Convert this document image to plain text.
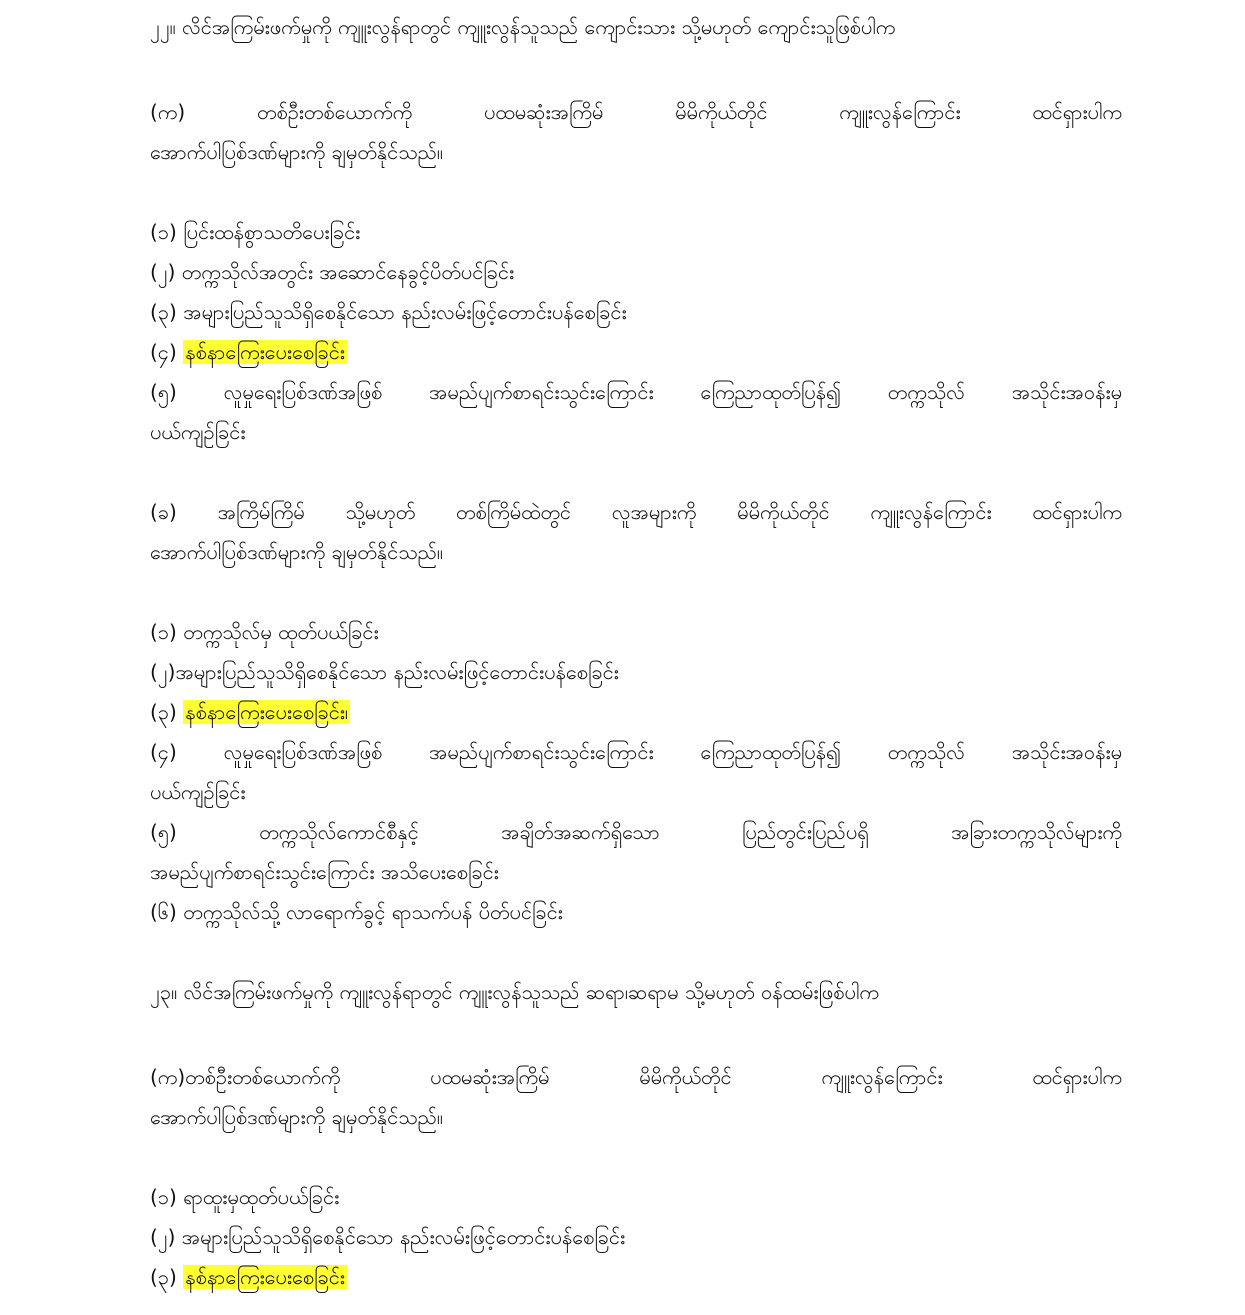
၂၂။ လိင်အကြမ်းဖက်မှုကို ကျူးလွန်ရာတွင် ကျူးလွန်သူသည် ကျောင်းသား သို့မဟုတ် ကျောင်းသူဖြစ်ပါက
(က)	တစ်ဦးတစ်ယောက်ကို	ပထမဆုံးအကြိမ်	မိမိကိုယ်တိုင်	ကျူးလွန်ကြောင်း	ထင်ရှားပါက
အောက်ပါပြစ်ဒဏ်များကို ချမှတ်နိုင်သည်။
(၁) ပြင်းထန်စွာသတိပေးခြင်း
(၂) တက္ကသိုလ်အတွင်း အဆောင်နေခွင့်ပိတ်ပင်ခြင်း
(၃) အများပြည်သူသိရှိစေနိုင်သော နည်းလမ်းဖြင့်တောင်းပန်စေခြင်း
(၄) နစ်နာကြေးပေးစေခြင်း
(၅) လူမှုရေးပြစ်ဒဏ်အဖြစ် အမည်ပျက်စာရင်းသွင်းကြောင်း ကြေညာထုတ်ပြန်၍ တက္ကသိုလ် အသိုင်းအဝန်းမှ
ပယ်ကျဉ်ခြင်း
(ခ) အကြိမ်ကြိမ် သို့မဟုတ် တစ်ကြိမ်ထဲတွင် လူအများကို မိမိကိုယ်တိုင် ကျူးလွန်ကြောင်း ထင်ရှားပါက
အောက်ပါပြစ်ဒဏ်များကို ချမှတ်နိုင်သည်။
(၁) တက္ကသိုလ်မှ ထုတ်ပယ်ခြင်း
(၂)အများပြည်သူသိရှိစေနိုင်သော နည်းလမ်းဖြင့်တောင်းပန်စေခြင်း
(၃) နစ်နာကြေးပေးစေခြင်း၊
(၄) လူမှုရေးပြစ်ဒဏ်အဖြစ် အမည်ပျက်စာရင်းသွင်းကြောင်း ကြေညာထုတ်ပြန်၍ တက္ကသိုလ် အသိုင်းအဝန်းမှ
ပယ်ကျဉ်ခြင်း
(၅)	တက္ကသိုလ်ကောင်စီနှင့်	အချိတ်အဆက်ရှိသော	ပြည်တွင်းပြည်ပရှိ	အခြားတက္ကသိုလ်များကို
အမည်ပျက်စာရင်းသွင်းကြောင်း အသိပေးစေခြင်း
(၆) တက္ကသိုလ်သို့ လာရောက်ခွင့် ရာသက်ပန် ပိတ်ပင်ခြင်း
၂၃။ လိင်အကြမ်းဖက်မှုကို ကျူးလွန်ရာတွင် ကျူးလွန်သူသည် ဆရာ၊ဆရာမ သို့မဟုတ် ဝန်ထမ်းဖြစ်ပါက
(က)တစ်ဦးတစ်ယောက်ကို	ပထမဆုံးအကြိမ်	မိမိကိုယ်တိုင်	ကျူးလွန်ကြောင်း	ထင်ရှားပါက
အောက်ပါပြစ်ဒဏ်များကို ချမှတ်နိုင်သည်။
(၁) ရာထူးမှထုတ်ပယ်ခြင်း
(၂) အများပြည်သူသိရှိစေနိုင်သော နည်းလမ်းဖြင့်တောင်းပန်စေခြင်း
(၃) နစ်နာကြေးပေးစေခြင်း
